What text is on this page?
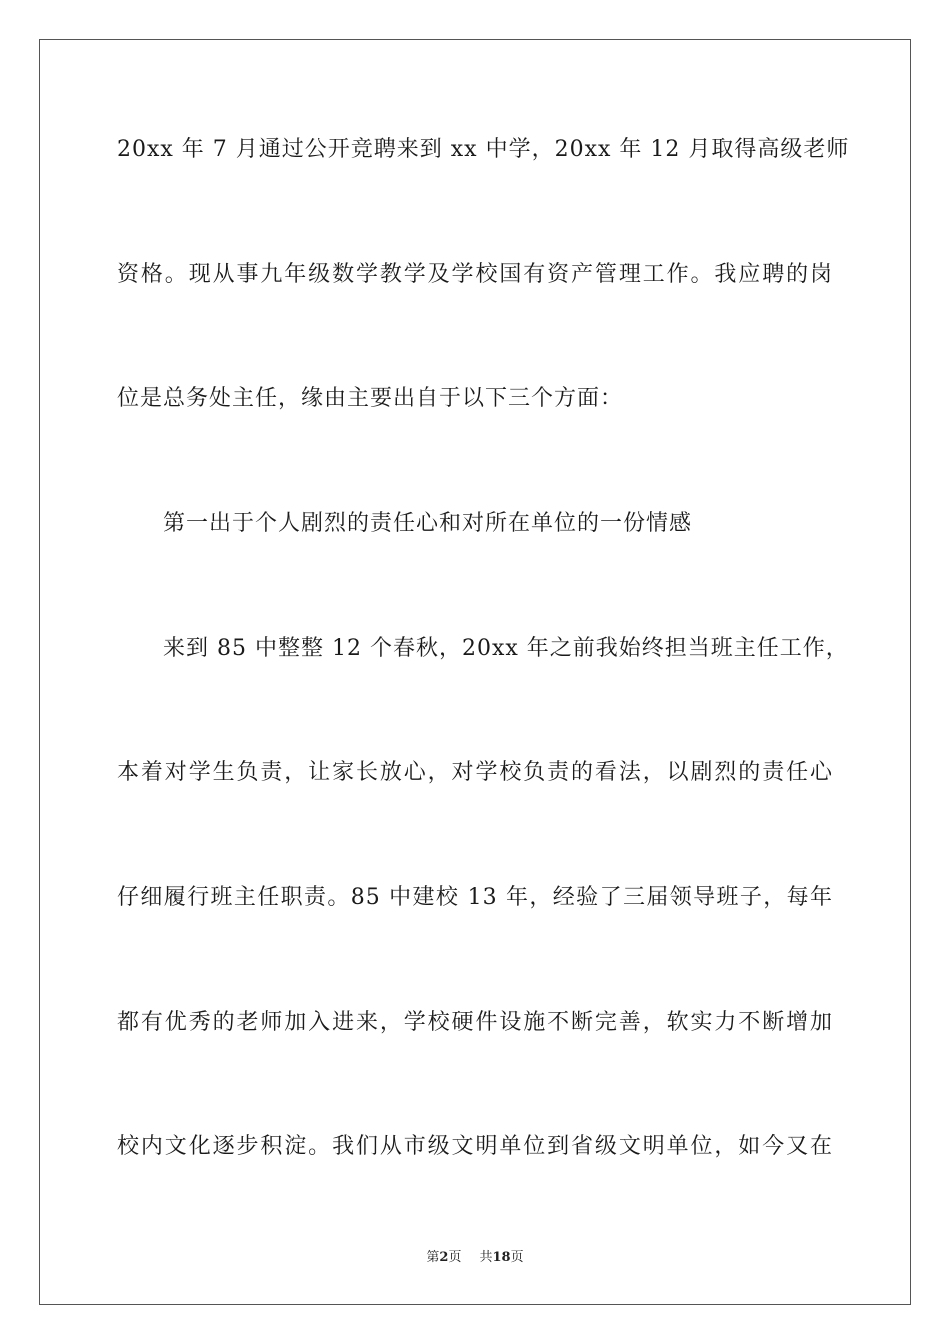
20xx 年 7 月通过公开竞聘来到 xx 中学，20xx 年 12 月取得高级老师
资格。现从事九年级数学教学及学校国有资产管理工作。我应聘的岗
位是总务处主任，缘由主要出自于以下三个方面：
第一出于个人剧烈的责任心和对所在单位的一份情感
来到 85 中整整 12 个春秋，20xx 年之前我始终担当班主任工作，
本着对学生负责，让家长放心，对学校负责的看法，以剧烈的责任心
仔细履行班主任职责。85 中建校 13 年，经验了三届领导班子，每年
都有优秀的老师加入进来，学校硬件设施不断完善，软实力不断增加
校内文化逐步积淀。我们从市级文明单位到省级文明单位，如今又在
第2页 共18页
